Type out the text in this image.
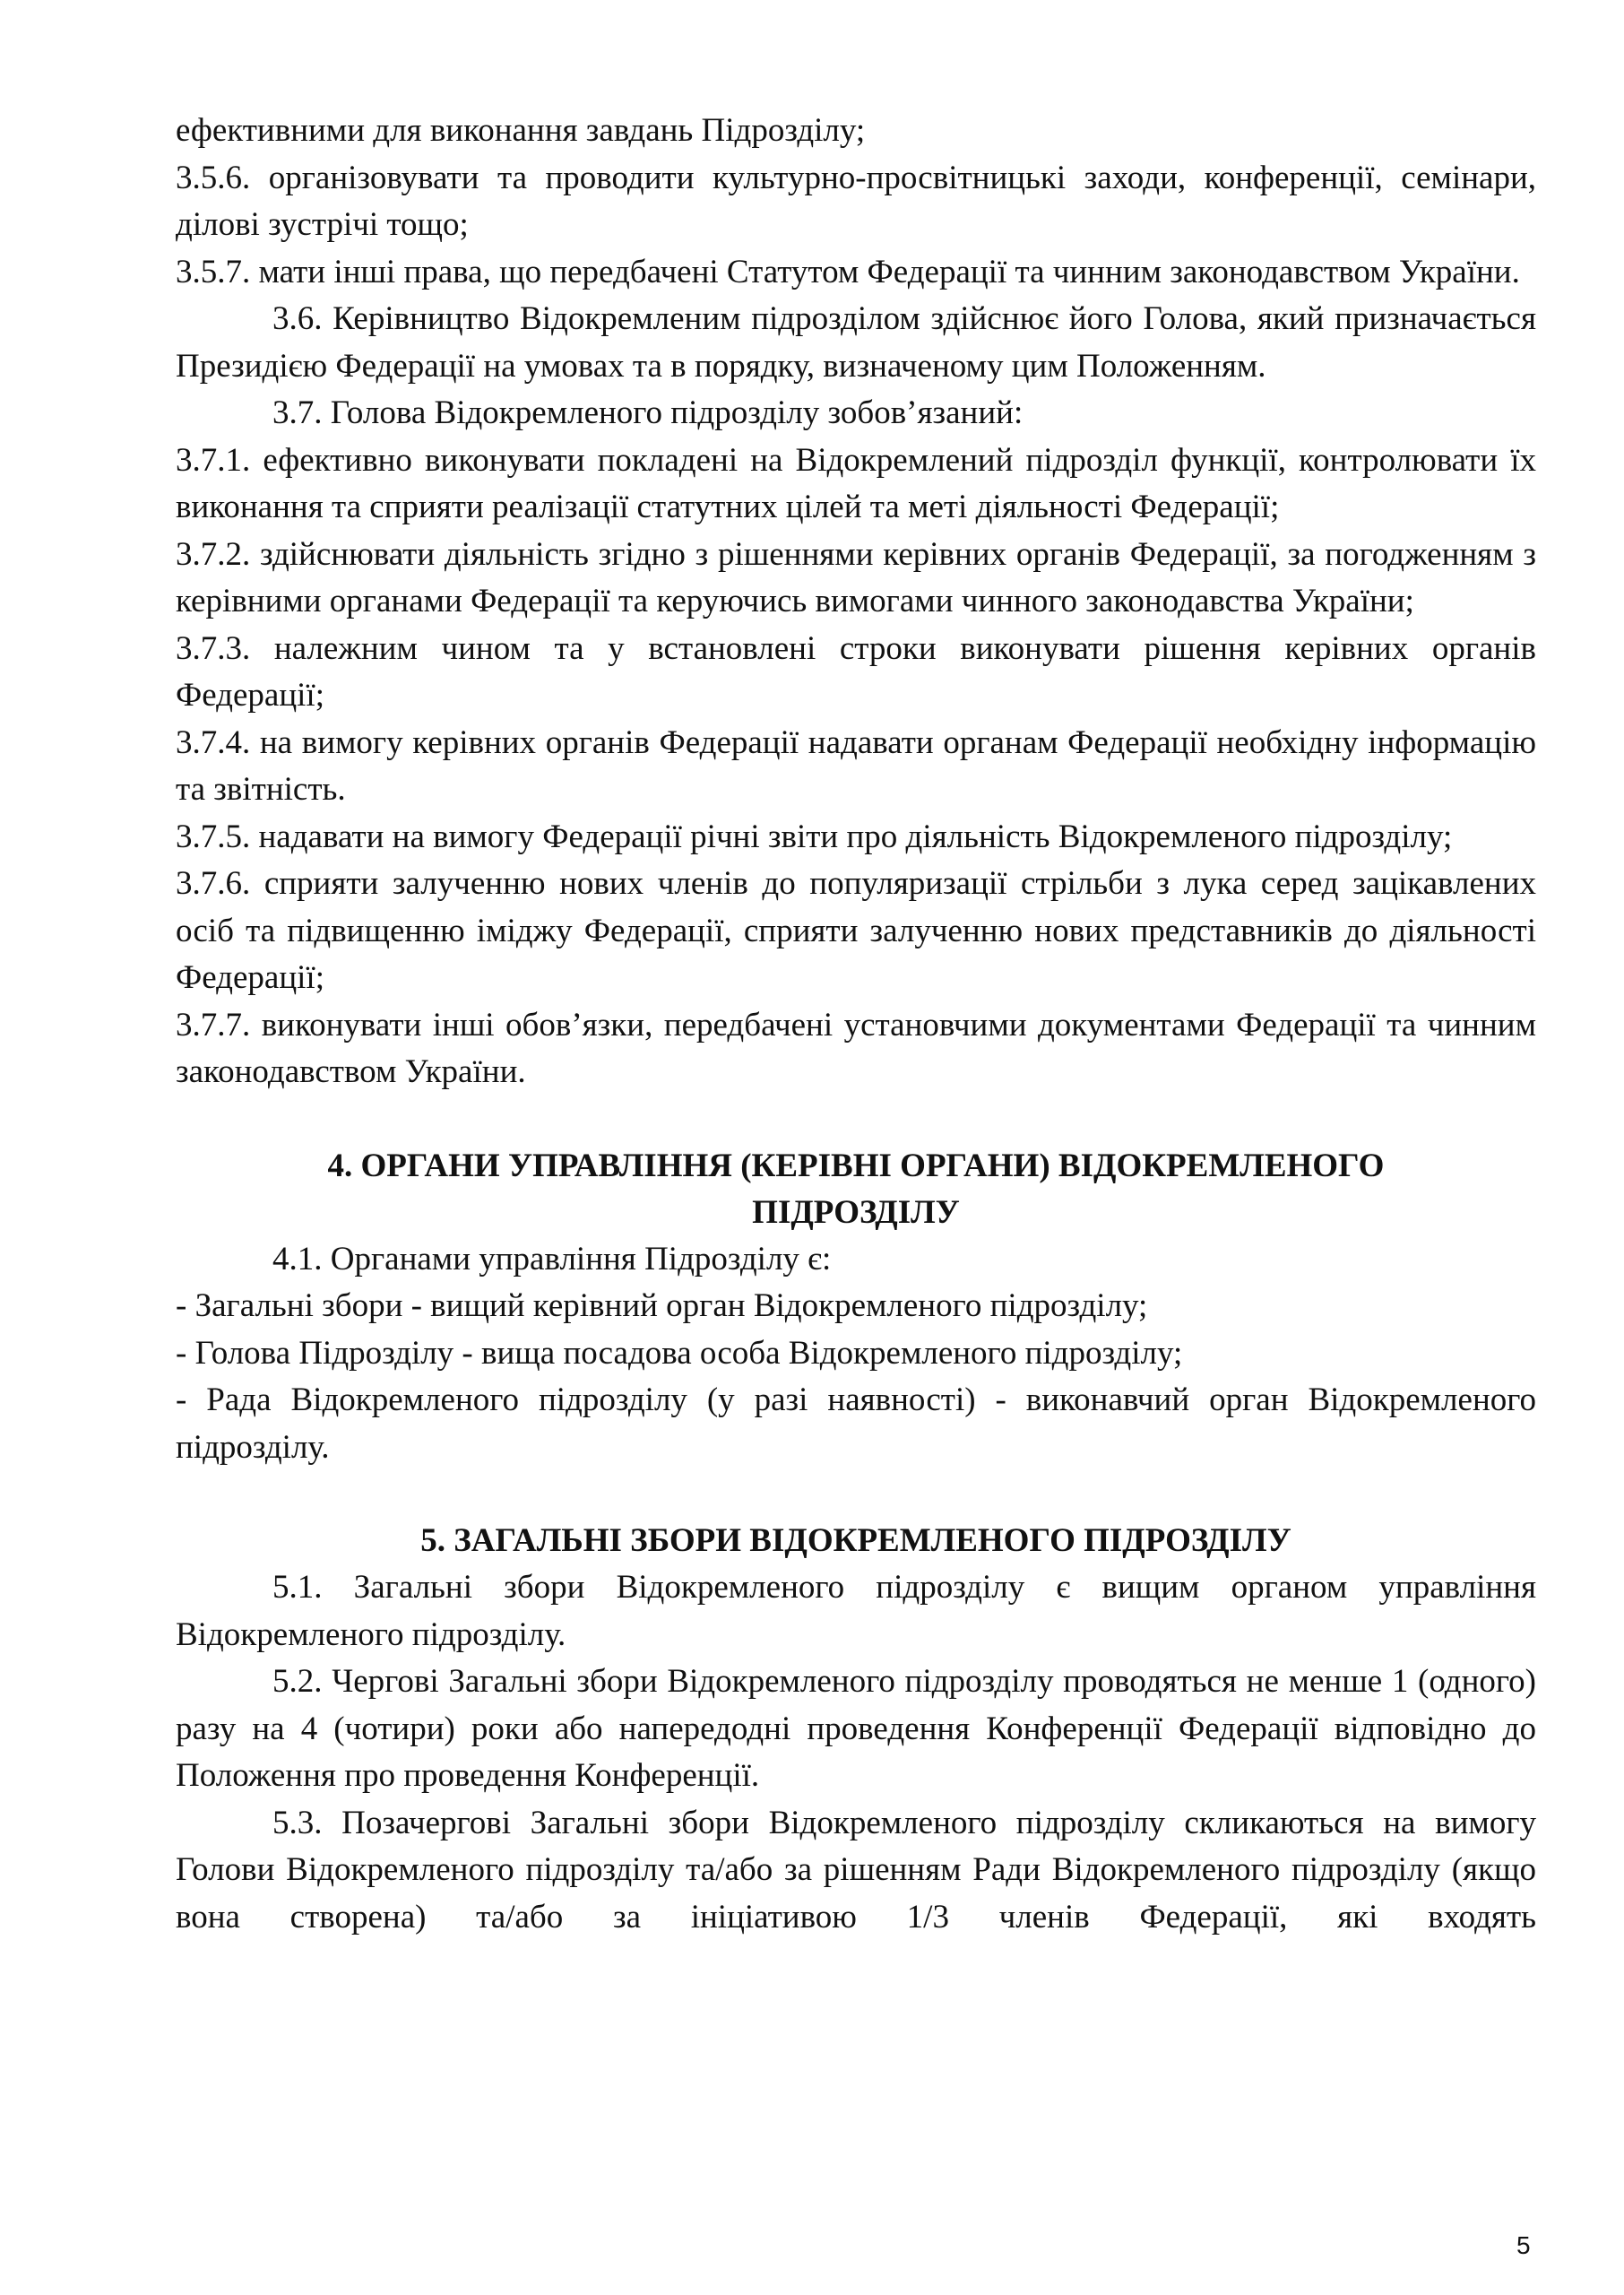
ефективними для виконання завдань Підрозділу;

3.5.6. організовувати та проводити культурно-просвітницькі заходи, конференції, семінари, ділові зустрічі тощо;

3.5.7. мати інші права, що передбачені Статутом Федерації та чинним законодавством України.

3.6. Керівництво Відокремленим підрозділом здійснює його Голова, який призначається Президією Федерації на умовах та в порядку, визначеному цим Положенням.

3.7. Голова Відокремленого підрозділу зобов’язаний:

3.7.1. ефективно виконувати покладені на Відокремлений підрозділ функції, контролювати їх виконання та сприяти реалізації статутних цілей та меті діяльності Федерації;

3.7.2. здійснювати діяльність згідно з рішеннями керівних органів Федерації, за погодженням з керівними органами Федерації та керуючись вимогами чинного законодавства України;

3.7.3. належним чином та у встановлені строки виконувати рішення керівних органів Федерації;

3.7.4. на вимогу керівних органів Федерації надавати органам Федерації необхідну інформацію та звітність.

3.7.5. надавати на вимогу Федерації річні звіти про діяльність Відокремленого підрозділу;

3.7.6. сприяти залученню нових членів до популяризації стрільби з лука серед зацікавлених осіб та підвищенню іміджу Федерації, сприяти залученню нових представників до діяльності Федерації;

3.7.7. виконувати інші обов’язки, передбачені установчими документами Федерації та чинним законодавством України.

4. ОРГАНИ УПРАВЛІННЯ (КЕРІВНІ ОРГАНИ) ВІДОКРЕМЛЕНОГО
ПІДРОЗДІЛУ

4.1. Органами управління Підрозділу є:

- Загальні збори - вищий керівний орган Відокремленого підрозділу;

- Голова Підрозділу - вища посадова особа Відокремленого підрозділу;

- Рада Відокремленого підрозділу (у разі наявності) - виконавчий орган Відокремленого підрозділу.

5. ЗАГАЛЬНІ ЗБОРИ ВІДОКРЕМЛЕНОГО ПІДРОЗДІЛУ

5.1. Загальні збори Відокремленого підрозділу є вищим органом управління Відокремленого підрозділу.

5.2. Чергові Загальні збори Відокремленого підрозділу проводяться не менше 1 (одного) разу на 4 (чотири) роки або напередодні проведення Конференції Федерації відповідно до Положення про проведення Конференції.

5.3. Позачергові Загальні збори Відокремленого підрозділу скликаються на вимогу Голови Відокремленого підрозділу та/або за рішенням Ради Відокремленого підрозділу (якщо вона створена) та/або за ініціативою 1/3 членів Федерації, які входять

5
